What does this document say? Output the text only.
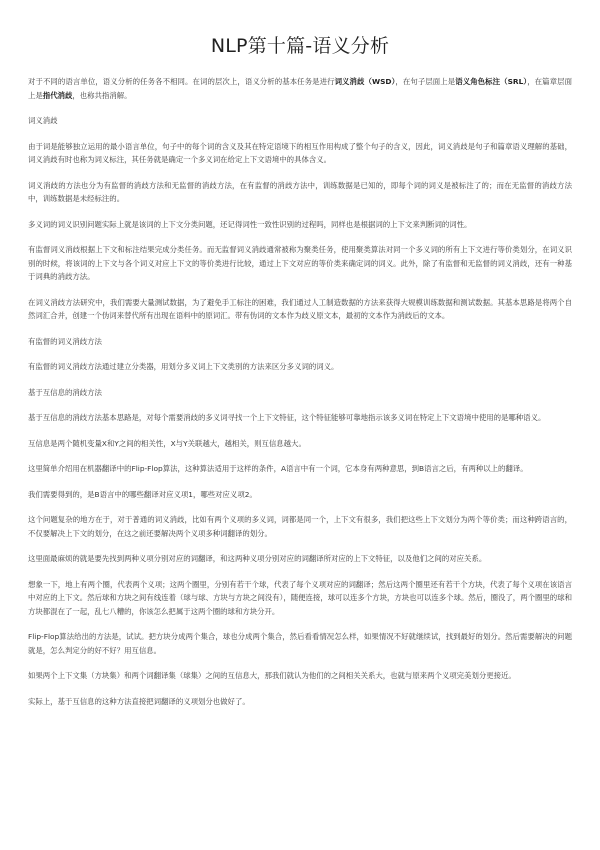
NLP第十篇-语义分析

对于不同的语言单位，语义分析的任务各不相同。在词的层次上，语义分析的基本任务是进行词义消歧（WSD），在句子层面上是语义角色标注（SRL），在篇章层面上是指代消歧，也称共指消解。

词义消歧

由于词是能够独立运用的最小语言单位，句子中的每个词的含义及其在特定语境下的相互作用构成了整个句子的含义，因此，词义消歧是句子和篇章语义理解的基础，词义消歧有时也称为词义标注，其任务就是确定一个多义词在给定上下文语境中的具体含义。

词义消歧的方法也分为有监督的消歧方法和无监督的消歧方法，在有监督的消歧方法中，训练数据是已知的，即每个词的词义是被标注了的；而在无监督的消歧方法中，训练数据是未经标注的。

多义词的词义识别问题实际上就是该词的上下文分类问题，还记得词性一致性识别的过程吗，同样也是根据词的上下文来判断词的词性。

有监督词义消歧根据上下文和标注结果完成分类任务。而无监督词义消歧通常被称为聚类任务，使用聚类算法对同一个多义词的所有上下文进行等价类划分，在词义识别的时候，将该词的上下文与各个词义对应上下文的等价类进行比较，通过上下文对应的等价类来确定词的词义。此外，除了有监督和无监督的词义消歧，还有一种基于词典的消歧方法。

在词义消歧方法研究中，我们需要大量测试数据，为了避免手工标注的困难，我们通过人工制造数据的方法来获得大规模训练数据和测试数据。其基本思路是将两个自然词汇合并，创建一个伪词来替代所有出现在语料中的原词汇。带有伪词的文本作为歧义原文本，最初的文本作为消歧后的文本。

有监督的词义消歧方法

有监督的词义消歧方法通过建立分类器，用划分多义词上下文类别的方法来区分多义词的词义。

基于互信息的消歧方法

基于互信息的消歧方法基本思路是，对每个需要消歧的多义词寻找一个上下文特征，这个特征能够可靠地指示该多义词在特定上下文语境中使用的是哪种语义。

互信息是两个随机变量X和Y之间的相关性，X与Y关联越大，越相关，则互信息越大。

这里简单介绍用在机器翻译中的Flip-Flop算法，这种算法适用于这样的条件，A语言中有一个词，它本身有两种意思，到B语言之后，有两种以上的翻译。

我们需要得到的，是B语言中的哪些翻译对应义项1，哪些对应义项2。

这个问题复杂的地方在于，对于普通的词义消歧，比如有两个义项的多义词，词都是同一个，上下文有很多，我们把这些上下文划分为两个等价类；而这种跨语言的，不仅要解决上下文的划分，在这之前还要解决两个义项多种词翻译的划分。

这里面最麻烦的就是要先找到两种义项分别对应的词翻译，和这两种义项分别对应的词翻译所对应的上下文特征，以及他们之间的对应关系。

想象一下，地上有两个圈，代表两个义项；这两个圈里，分别有若干个球，代表了每个义项对应的词翻译；然后这两个圈里还有若干个方块，代表了每个义项在该语言中对应的上下文。然后球和方块之间有线连着（球与球、方块与方块之间没有），随便连接，球可以连多个方块，方块也可以连多个球。然后，圈没了，两个圈里的球和方块都混在了一起，乱七八糟的，你该怎么把属于这两个圈的球和方块分开。

Flip-Flop算法给出的方法是，试试。把方块分成两个集合，球也分成两个集合，然后看看情况怎么样，如果情况不好就继续试，找到最好的划分。然后需要解决的问题就是，怎么判定分的好不好？用互信息。

如果两个上下文集（方块集）和两个词翻译集（球集）之间的互信息大，那我们就认为他们的之间相关关系大，也就与原来两个义项完美划分更接近。

实际上，基于互信息的这种方法直接把词翻译的义项划分也做好了。
